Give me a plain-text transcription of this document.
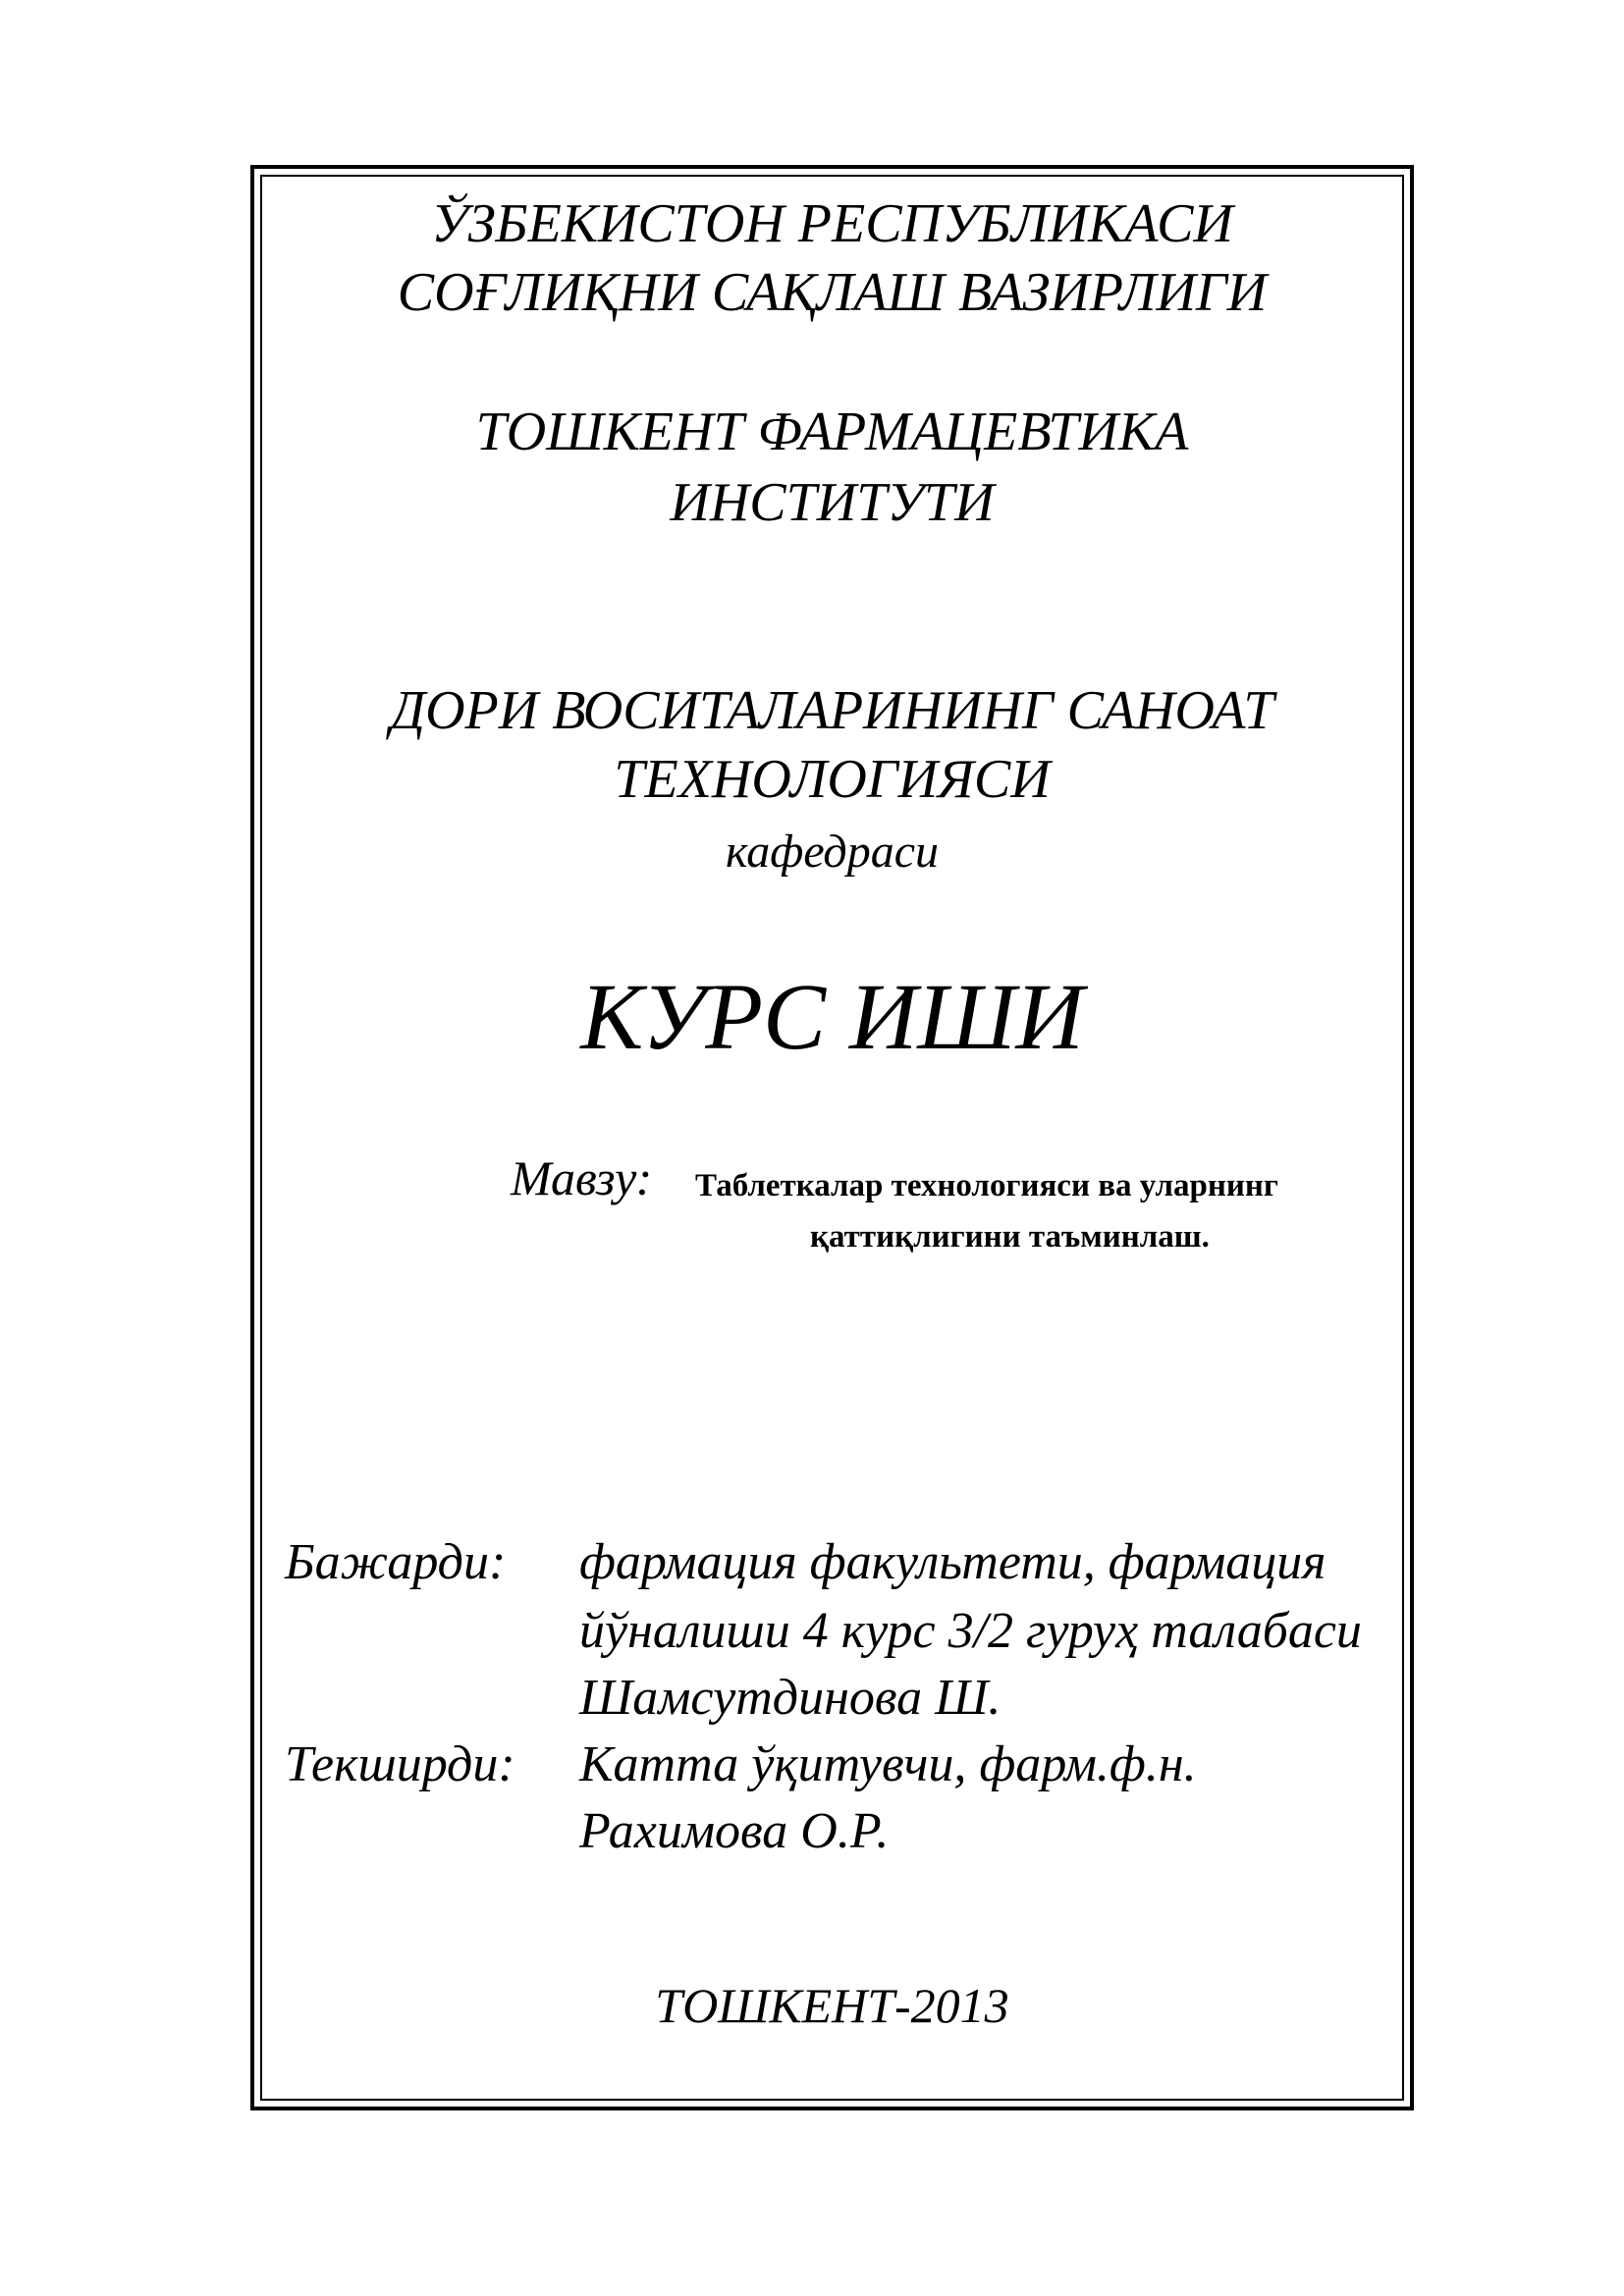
ЎЗБЕКИСТОН РЕСПУБЛИКАСИ
СОҒЛИҚНИ САҚЛАШ ВАЗИРЛИГИ
ТОШКЕНТ ФАРМАЦЕВТИКА
ИНСТИТУТИ
ДОРИ ВОСИТАЛАРИНИНГ САНОАТ
ТЕХНОЛОГИЯСИ
кафедраси
КУРС ИШИ
Мавзу: Таблеткалар технологияси ва уларнинг
қаттиқлигини таъминлаш.
Бажарди: фармация факультети, фармация
йўналиши 4 курс 3/2 гуруҳ талабаси
Шамсутдинова Ш.
Текширди: Катта ўқитувчи, фарм.ф.н.
Рахимова О.Р.
ТОШКЕНТ-2013
